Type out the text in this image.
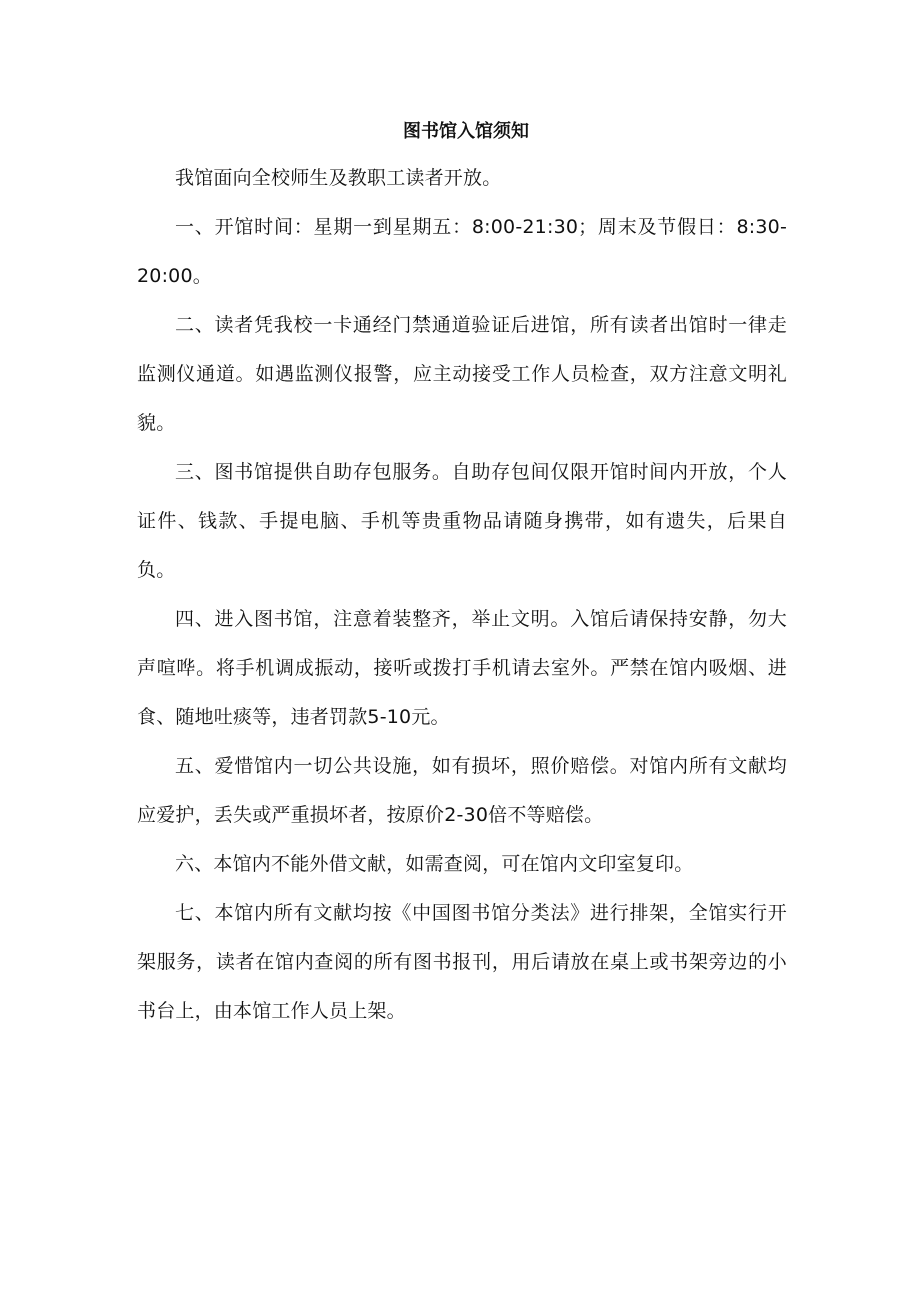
图书馆入馆须知

我馆面向全校师生及教职工读者开放。

一、开馆时间：星期一到星期五：8:00-21:30；周末及节假日：8:30-20:00。

二、读者凭我校一卡通经门禁通道验证后进馆，所有读者出馆时一律走监测仪通道。如遇监测仪报警，应主动接受工作人员检查，双方注意文明礼貌。

三、图书馆提供自助存包服务。自助存包间仅限开馆时间内开放，个人证件、钱款、手提电脑、手机等贵重物品请随身携带，如有遗失，后果自负。

四、进入图书馆，注意着装整齐，举止文明。入馆后请保持安静，勿大声喧哗。将手机调成振动，接听或拨打手机请去室外。严禁在馆内吸烟、进食、随地吐痰等，违者罚款5-10元。

五、爱惜馆内一切公共设施，如有损坏，照价赔偿。对馆内所有文献均应爱护，丢失或严重损坏者，按原价2-30倍不等赔偿。

六、本馆内不能外借文献，如需查阅，可在馆内文印室复印。

七、本馆内所有文献均按《中国图书馆分类法》进行排架，全馆实行开架服务，读者在馆内查阅的所有图书报刊，用后请放在桌上或书架旁边的小书台上，由本馆工作人员上架。
